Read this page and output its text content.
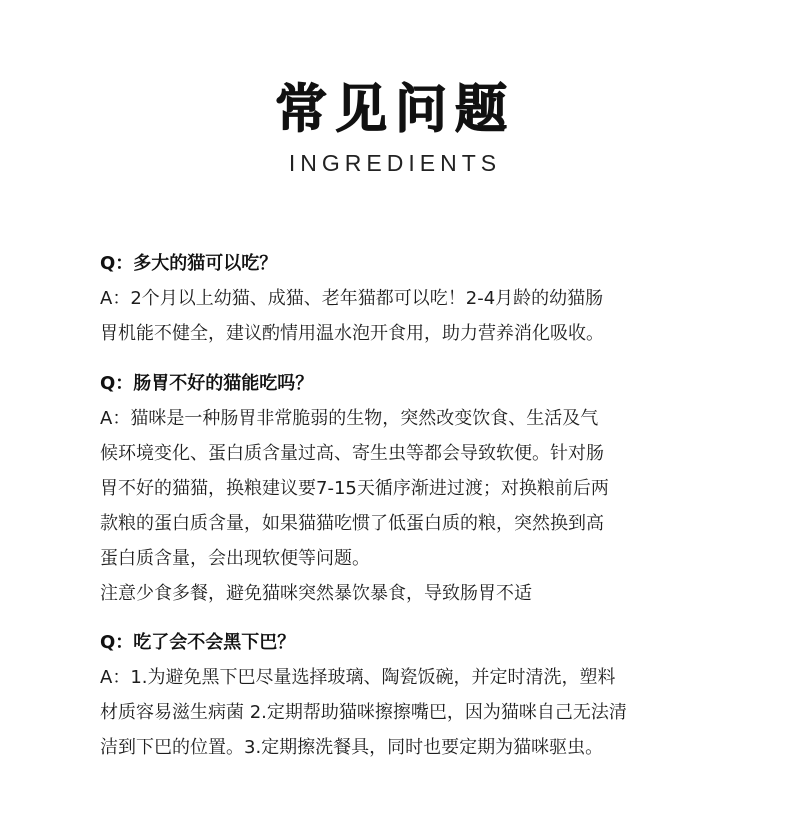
常见问题
INGREDIENTS

Q：多大的猫可以吃？

A：2个月以上幼猫、成猫、老年猫都可以吃！2-4月龄的幼猫肠

胃机能不健全，建议酌情用温水泡开食用，助力营养消化吸收。

Q：肠胃不好的猫能吃吗？

A：猫咪是一种肠胃非常脆弱的生物，突然改变饮食、生活及气

候环境变化、蛋白质含量过高、寄生虫等都会导致软便。针对肠

胃不好的猫猫，换粮建议要7-15天循序渐进过渡；对换粮前后两

款粮的蛋白质含量，如果猫猫吃惯了低蛋白质的粮，突然换到高

蛋白质含量，会出现软便等问题。

注意少食多餐，避免猫咪突然暴饮暴食，导致肠胃不适

Q：吃了会不会黑下巴？

A：1.为避免黑下巴尽量选择玻璃、陶瓷饭碗，并定时清洗，塑料

材质容易滋生病菌 2.定期帮助猫咪擦擦嘴巴，因为猫咪自己无法清

洁到下巴的位置。3.定期擦洗餐具，同时也要定期为猫咪驱虫。
